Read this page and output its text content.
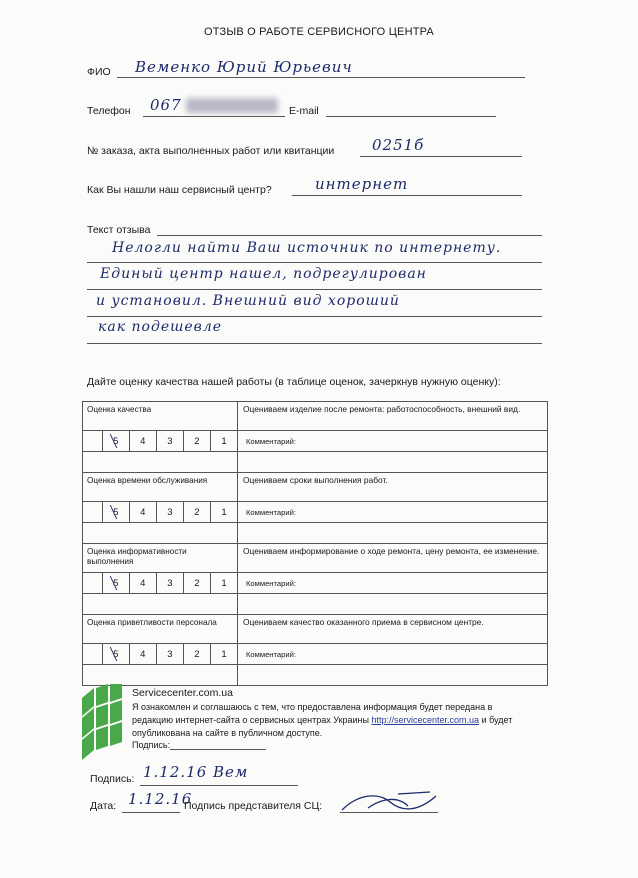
ОТЗЫВ О РАБОТЕ СЕРВИСНОГО ЦЕНТРА
ФИО Веменко Юрий Юрьевич
Телефон 067	E-mail
№ заказа, акта выполненных работ или квитанции	0251б
Как Вы нашли наш сервисный центр?	интернет
Текст отзыва
Нелогли найти Ваш источник по интернету.
Единый центр нашел, подрегулирован
и установил. Внешний вид хороший
как подешевле
Дайте оценку качества нашей работы (в таблице оценок, зачеркнув нужную оценку):
Оценка качества						Оцениваем изделие после ремонта: работоспособность, внешний вид.
	5	4	3	2	1	Комментарий:

Оценка времени обслуживания						Оцениваем сроки выполнения работ.
	5	4	3	2	1	Комментарий:

Оценка информативности выполнения						Оцениваем информирование о ходе ремонта, цену ремонта, ее изменение.
	5	4	3	2	1	Комментарий:

Оценка приветливости персонала						Оцениваем качество оказанного приема в сервисном центре.
	5	4	3	2	1	Комментарий:

Servicecenter.com.ua
Я ознакомлен и соглашаюсь с тем, что предоставлена информация будет передана в редакцию интернет-сайта о сервисных центрах Украины http://servicecenter.com.ua и будет опубликована на сайте в публичном доступе.
Подпись:
Подпись: 1.12.16 Вем
Дата: 1.12.16
Подпись представителя СЦ:
